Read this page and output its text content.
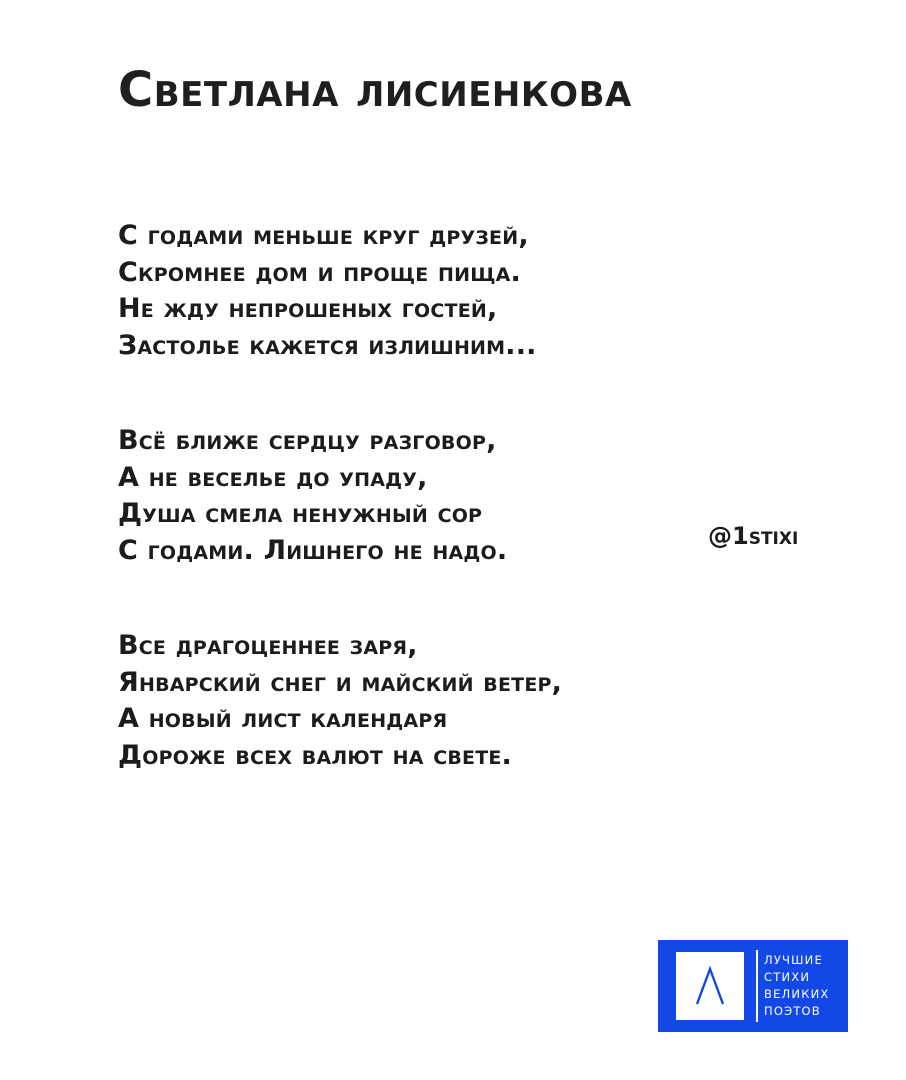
Светлана лисиенкова
С годами меньше круг друзей,
Скромнее дом и проще пища.
Не жду непрошеных гостей,
Застолье кажется излишним...
Всё ближе сердцу разговор,
А не веселье до упаду,
Душа смела ненужный сор
С годами. Лишнего не надо.
Все драгоценнее заря,
Январский снег и майский ветер,
А новый лист календаря
Дороже всех валют на свете.
@1stixi
ЛУЧШИЕ
СТИХИ
ВЕЛИКИХ
ПОЭТОВ
